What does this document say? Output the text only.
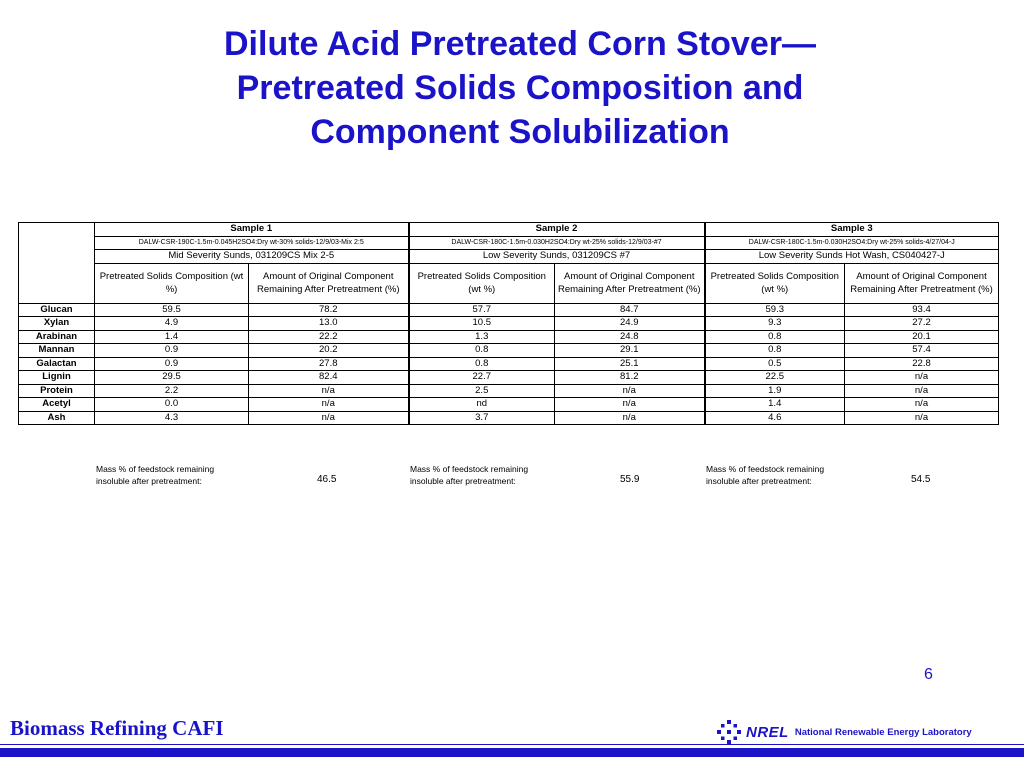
Dilute Acid Pretreated Corn Stover—
Pretreated Solids Composition and
Component Solubilization
	Sample 1		Sample 2		Sample 3	
	DALW-CSR-190C-1.5m-0.045H2SO4:Dry wt-30% solids-12/9/03-Mix 2:5		DALW-CSR-180C-1.5m-0.030H2SO4:Dry wt-25% solids-12/9/03-#7		DALW-CSR-180C-1.5m-0.030H2SO4:Dry wt-25% solids-4/27/04-J	
	Mid Severity Sunds, 031209CS Mix 2-5		Low Severity Sunds, 031209CS #7		Low Severity Sunds Hot Wash, CS040427-J	
	Pretreated Solids Composition (wt %)	Amount of Original Component Remaining After Pretreatment (%)	Pretreated Solids Composition (wt %)	Amount of Original Component Remaining After Pretreatment (%)	Pretreated Solids Composition (wt %)	Amount of Original Component Remaining After Pretreatment (%)
Glucan	59.5	78.2	57.7	84.7	59.3	93.4
Xylan	4.9	13.0	10.5	24.9	9.3	27.2
Arabinan	1.4	22.2	1.3	24.8	0.8	20.1
Mannan	0.9	20.2	0.8	29.1	0.8	57.4
Galactan	0.9	27.8	0.8	25.1	0.5	22.8
Lignin	29.5	82.4	22.7	81.2	22.5	n/a
Protein	2.2	n/a	2.5	n/a	1.9	n/a
Acetyl	0.0	n/a	nd	n/a	1.4	n/a
Ash	4.3	n/a	3.7	n/a	4.6	n/a
Mass % of feedstock remaining
insoluble after pretreatment:	46.5
Mass % of feedstock remaining
insoluble after pretreatment:	55.9
Mass % of feedstock remaining
insoluble after pretreatment:	54.5
6
Biomass Refining CAFI	NREL National Renewable Energy Laboratory
